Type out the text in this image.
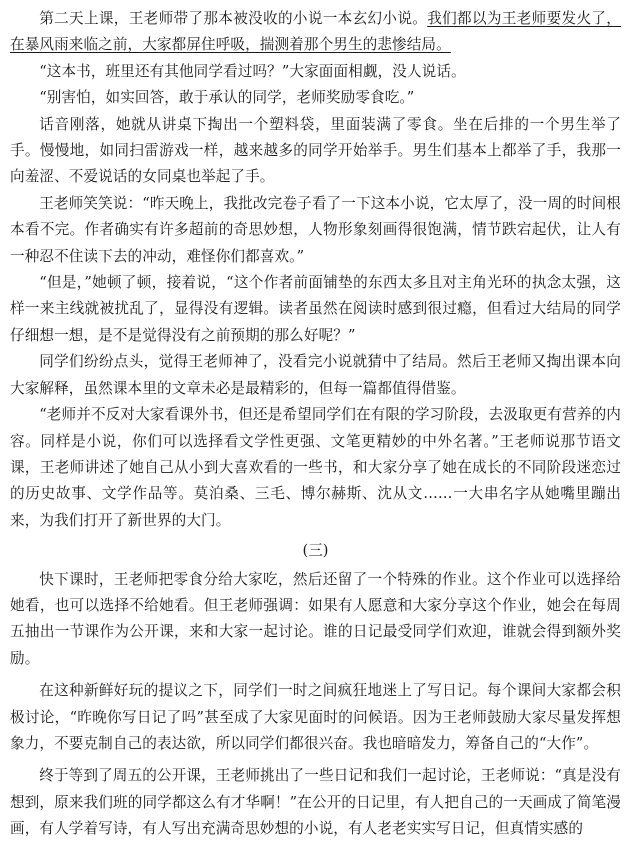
第二天上课，王老师带了那本被没收的小说一本玄幻小说。我们都以为王老师要发火了，在暴风雨来临之前，大家都屏住呼吸，揣测着那个男生的悲惨结局。

“这本书，班里还有其他同学看过吗？”大家面面相觑，没人说话。

“别害怕，如实回答，敢于承认的同学，老师奖励零食吃。”

话音刚落，她就从讲桌下掏出一个塑料袋，里面装满了零食。坐在后排的一个男生举了手。慢慢地，如同扫雷游戏一样，越来越多的同学开始举手。男生们基本上都举了手，我那一向羞涩、不爱说话的女同桌也举起了手。

王老师笑笑说：“昨天晚上，我批改完卷子看了一下这本小说，它太厚了，没一周的时间根本看不完。作者确实有许多超前的奇思妙想，人物形象刻画得很饱满，情节跌宕起伏，让人有一种忍不住读下去的冲动，难怪你们都喜欢。”

“但是，”她顿了顿，接着说，“这个作者前面铺垫的东西太多且对主角光环的执念太强，这样一来主线就被扰乱了，显得没有逻辑。读者虽然在阅读时感到很过瘾，但看过大结局的同学仔细想一想，是不是觉得没有之前预期的那么好呢？”

同学们纷纷点头，觉得王老师神了，没看完小说就猜中了结局。然后王老师又掏出课本向大家解释，虽然课本里的文章未必是最精彩的，但每一篇都值得借鉴。

“老师并不反对大家看课外书，但还是希望同学们在有限的学习阶段，去汲取更有营养的内容。同样是小说，你们可以选择看文学性更强、文笔更精妙的中外名著。”王老师说那节语文课，王老师讲述了她自己从小到大喜欢看的一些书，和大家分享了她在成长的不同阶段迷恋过的历史故事、文学作品等。莫泊桑、三毛、博尔赫斯、沈从文……一大串名字从她嘴里蹦出来，为我们打开了新世界的大门。

(三)

快下课时，王老师把零食分给大家吃，然后还留了一个特殊的作业。这个作业可以选择给她看，也可以选择不给她看。但王老师强调：如果有人愿意和大家分享这个作业，她会在每周五抽出一节课作为公开课，来和大家一起讨论。谁的日记最受同学们欢迎，谁就会得到额外奖励。

在这种新鲜好玩的提议之下，同学们一时之间疯狂地迷上了写日记。每个课间大家都会积极讨论，“昨晚你写日记了吗”甚至成了大家见面时的问候语。因为王老师鼓励大家尽量发挥想象力，不要克制自己的表达欲，所以同学们都很兴奋。我也暗暗发力，筹备自己的“大作”。

终于等到了周五的公开课，王老师挑出了一些日记和我们一起讨论，王老师说：“真是没有想到，原来我们班的同学都这么有才华啊！”在公开的日记里，有人把自己的一天画成了简笔漫画，有人学着写诗，有人写出充满奇思妙想的小说，有人老老实实写日记，但真情实感的
